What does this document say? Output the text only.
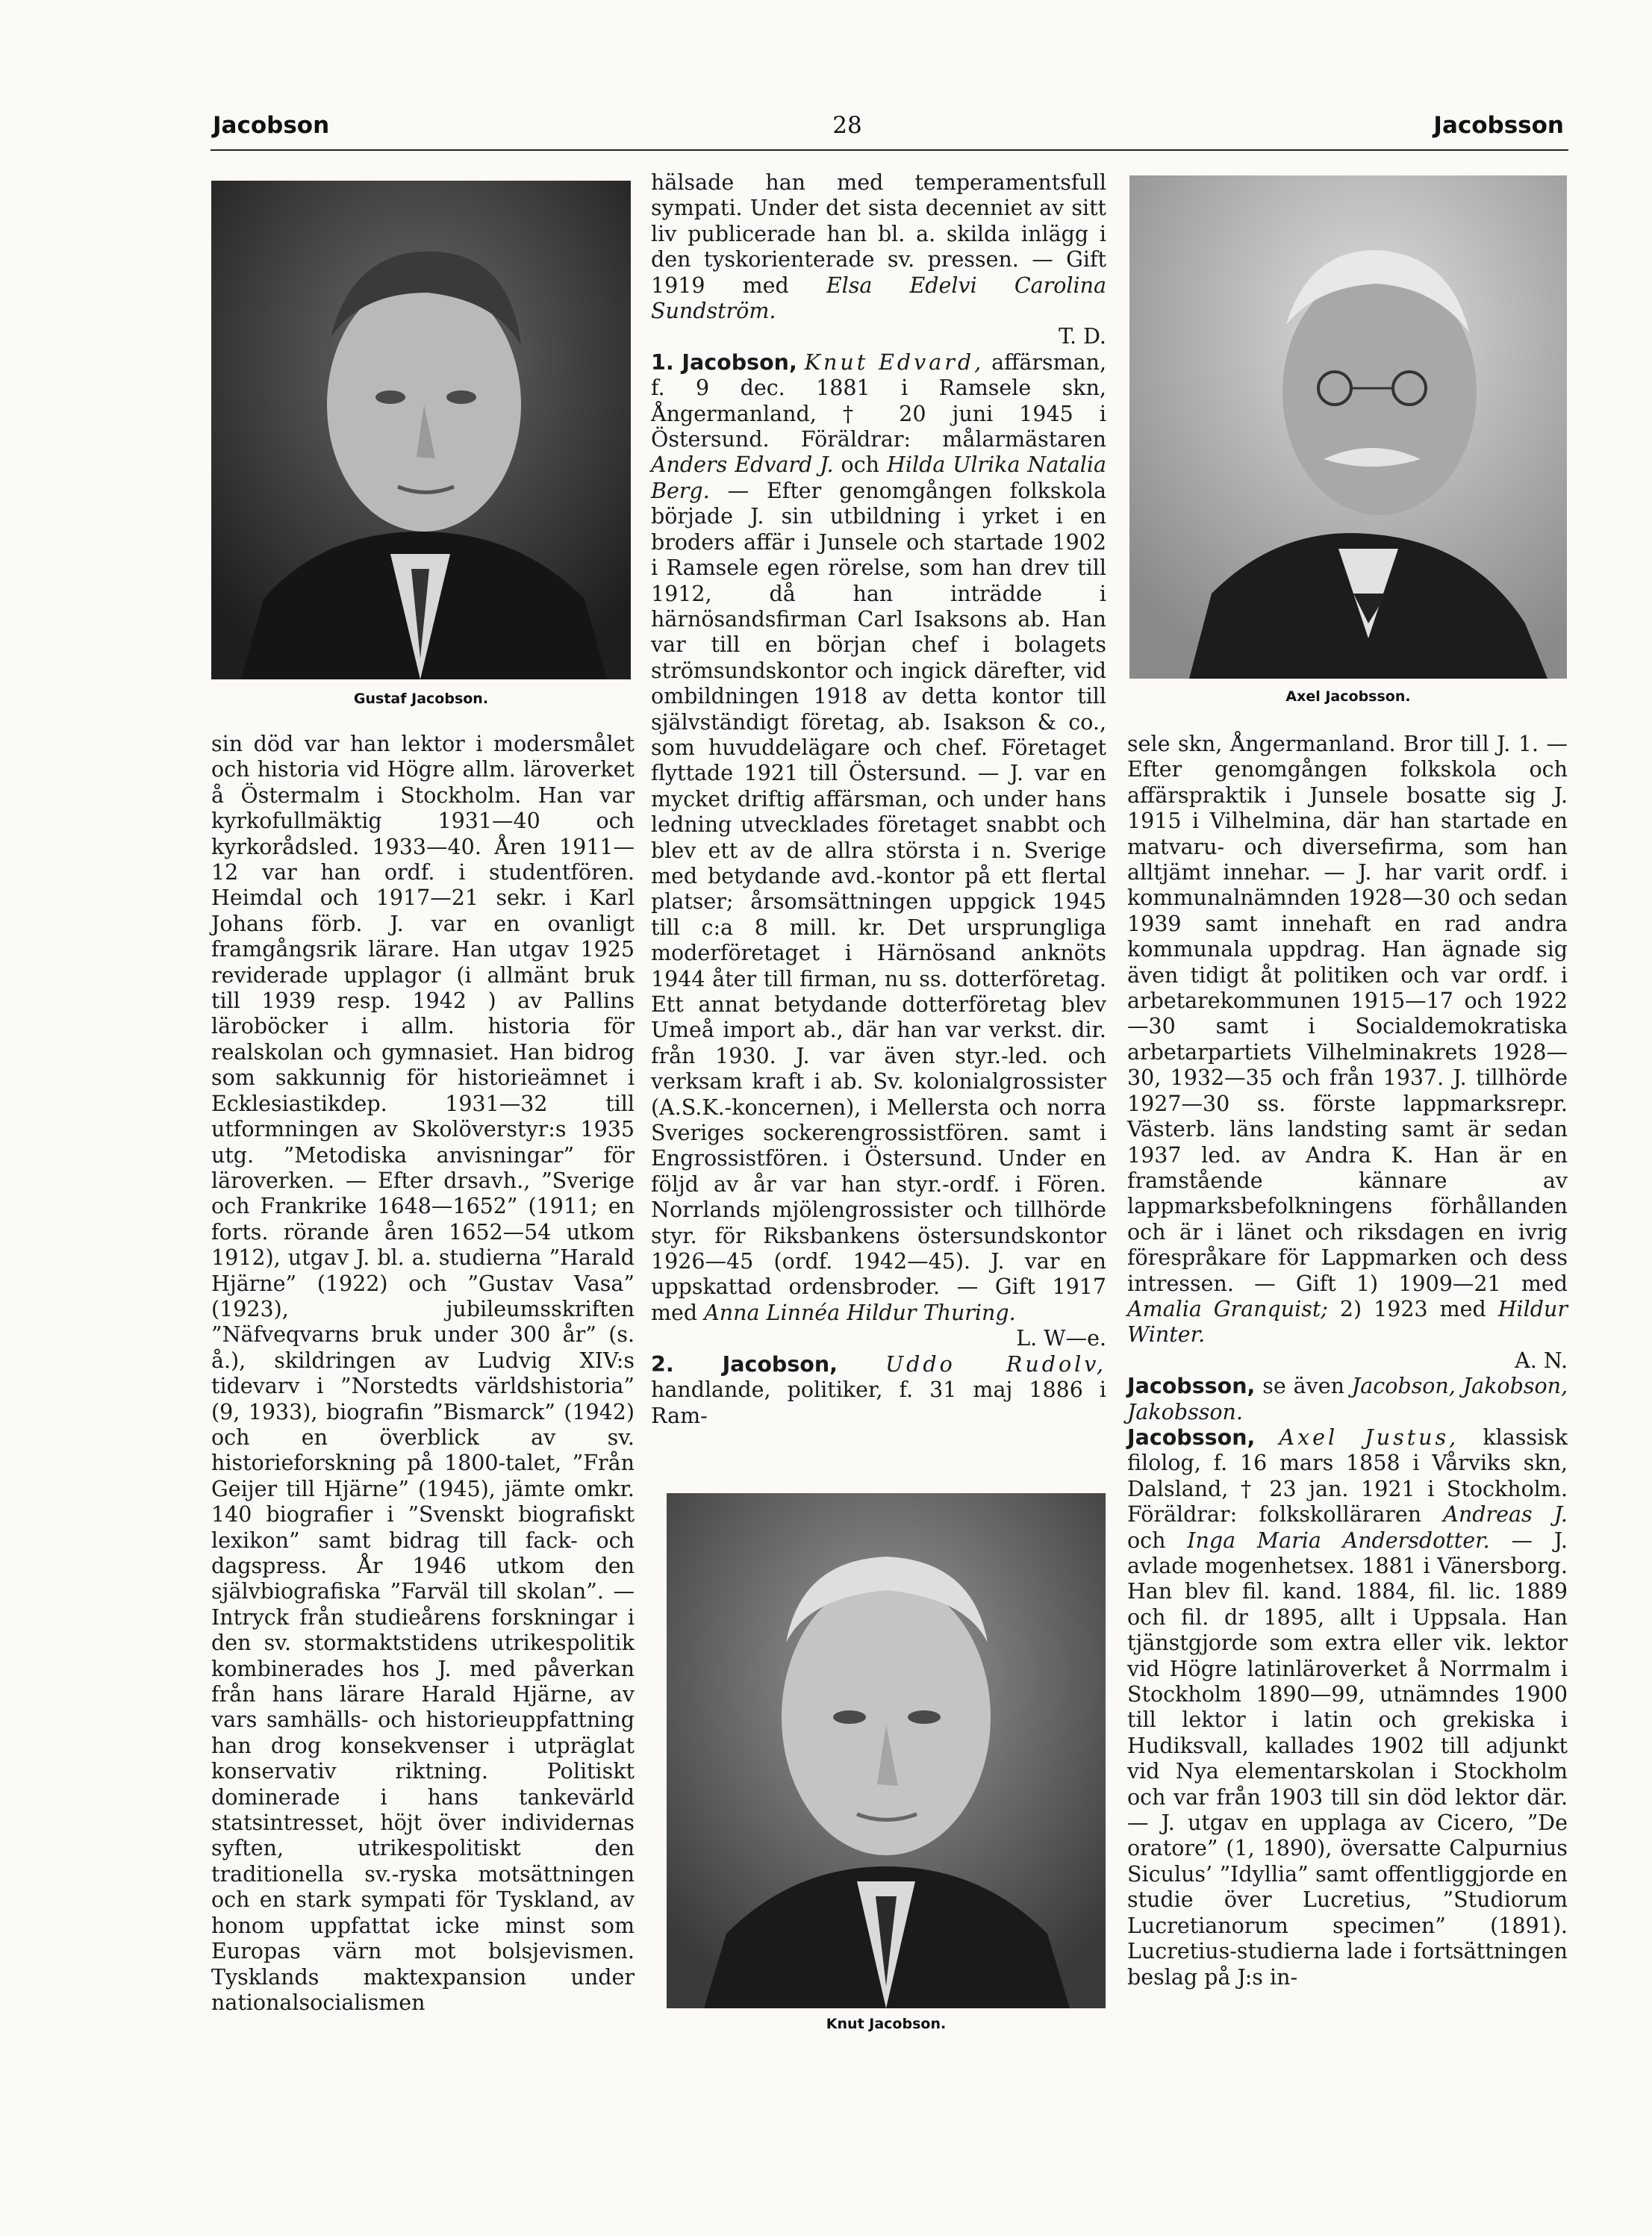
Jacobson	28	Jacobsson
Gustaf Jacobson.	Axel Jacobsson.
Knut Jacobson.

sin död var han lektor i modersmålet och historia vid Högre allm. läroverket å Östermalm i Stockholm. Han var kyrkofullmäktig 1931—40 och kyrkorådsled. 1933—40. Åren 1911—12 var han ordf. i studentfören. Heimdal och 1917—21 sekr. i Karl Johans förb. J. var en ovanligt framgångsrik lärare. Han utgav 1925 reviderade upplagor (i allmänt bruk till 1939 resp. 1942 ) av Pallins läroböcker i allm. historia för realskolan och gymnasiet. Han bidrog som sakkunnig för historieämnet i Ecklesiastikdep. 1931—32 till utformningen av Skolöverstyr:s 1935 utg. ”Metodiska anvisningar” för läroverken. — Efter drsavh., ”Sverige och Frankrike 1648—1652” (1911; en forts. rörande åren 1652—54 utkom 1912), utgav J. bl. a. studierna ”Harald Hjärne” (1922) och ”Gustav Vasa” (1923), jubileumsskriften ”Näfveqvarns bruk under 300 år” (s. å.), skildringen av Ludvig XIV:s tidevarv i ”Norstedts världshistoria” (9, 1933), biografin ”Bismarck” (1942) och en överblick av sv. historieforskning på 1800-talet, ”Från Geijer till Hjärne” (1945), jämte omkr. 140 biografier i ”Svenskt biografiskt lexikon” samt bidrag till fack- och dagspress. År 1946 utkom den självbiografiska ”Farväl till skolan”. — Intryck från studieårens forskningar i den sv. stormaktstidens utrikespolitik kombinerades hos J. med påverkan från hans lärare Harald Hjärne, av vars samhälls- och historieuppfattning han drog konsekvenser i utpräglat konservativ riktning. Politiskt dominerade i hans tankevärld statsintresset, höjt över individernas syften, utrikespolitiskt den traditionella sv.-ryska motsättningen och en stark sympati för Tyskland, av honom uppfattat icke minst som Europas värn mot bolsjevismen. Tysklands maktexpansion under nationalsocialismen

hälsade han med temperamentsfull sympati. Under det sista decenniet av sitt liv publicerade han bl. a. skilda inlägg i den tyskorienterade sv. pressen. — Gift 1919 med Elsa Edelvi Carolina Sundström.
T. D.

1. Jacobson, Knut Edvard, affärsman, f. 9 dec. 1881 i Ramsele skn, Ångermanland, † 20 juni 1945 i Östersund. Föräldrar: målarmästaren Anders Edvard J. och Hilda Ulrika Natalia Berg. — Efter genomgången folkskola började J. sin utbildning i yrket i en broders affär i Junsele och startade 1902 i Ramsele egen rörelse, som han drev till 1912, då han inträdde i härnösandsfirman Carl Isaksons ab. Han var till en början chef i bolagets strömsundskontor och ingick därefter, vid ombildningen 1918 av detta kontor till självständigt företag, ab. Isakson & co., som huvuddelägare och chef. Företaget flyttade 1921 till Östersund. — J. var en mycket driftig affärsman, och under hans ledning utvecklades företaget snabbt och blev ett av de allra största i n. Sverige med betydande avd.-kontor på ett flertal platser; årsomsättningen uppgick 1945 till c:a 8 mill. kr. Det ursprungliga moderföretaget i Härnösand anknöts 1944 åter till firman, nu ss. dotterföretag. Ett annat betydande dotterföretag blev Umeå import ab., där han var verkst. dir. från 1930. J. var även styr.-led. och verksam kraft i ab. Sv. kolonialgrossister (A.S.K.-koncernen), i Mellersta och norra Sveriges sockerengrossistfören. samt i Engrossistfören. i Östersund. Under en följd av år var han styr.-ordf. i Fören. Norrlands mjölengrossister och tillhörde styr. för Riksbankens östersundskontor 1926—45 (ordf. 1942—45). J. var en uppskattad ordensbroder. — Gift 1917 med Anna Linnéa Hildur Thuring.
L. W—e.

2. Jacobson, Uddo Rudolv, handlande, politiker, f. 31 maj 1886 i Ram-

sele skn, Ångermanland. Bror till J. 1. — Efter genomgången folkskola och affärspraktik i Junsele bosatte sig J. 1915 i Vilhelmina, där han startade en matvaru- och diversefirma, som han alltjämt innehar. — J. har varit ordf. i kommunalnämnden 1928—30 och sedan 1939 samt innehaft en rad andra kommunala uppdrag. Han ägnade sig även tidigt åt politiken och var ordf. i arbetarekommunen 1915—17 och 1922—30 samt i Socialdemokratiska arbetarpartiets Vilhelminakrets 1928—30, 1932—35 och från 1937. J. tillhörde 1927—30 ss. förste lappmarksrepr. Västerb. läns landsting samt är sedan 1937 led. av Andra K. Han är en framstående kännare av lappmarksbefolkningens förhållanden och är i länet och riksdagen en ivrig förespråkare för Lappmarken och dess intressen. — Gift 1) 1909—21 med Amalia Granquist; 2) 1923 med Hildur Winter.
A. N.

Jacobsson, se även Jacobson, Jakobson, Jakobsson.

Jacobsson, Axel Justus, klassisk filolog, f. 16 mars 1858 i Vårviks skn, Dalsland, † 23 jan. 1921 i Stockholm. Föräldrar: folkskolläraren Andreas J. och Inga Maria Andersdotter. — J. avlade mogenhetsex. 1881 i Vänersborg. Han blev fil. kand. 1884, fil. lic. 1889 och fil. dr 1895, allt i Uppsala. Han tjänstgjorde som extra eller vik. lektor vid Högre latinläroverket å Norrmalm i Stockholm 1890—99, utnämndes 1900 till lektor i latin och grekiska i Hudiksvall, kallades 1902 till adjunkt vid Nya elementarskolan i Stockholm och var från 1903 till sin död lektor där. — J. utgav en upplaga av Cicero, ”De oratore” (1, 1890), översatte Calpurnius Siculus’ ”Idyllia” samt offentliggjorde en studie över Lucretius, ”Studiorum Lucretianorum specimen” (1891). Lucretius-studierna lade i fortsättningen beslag på J:s in-
